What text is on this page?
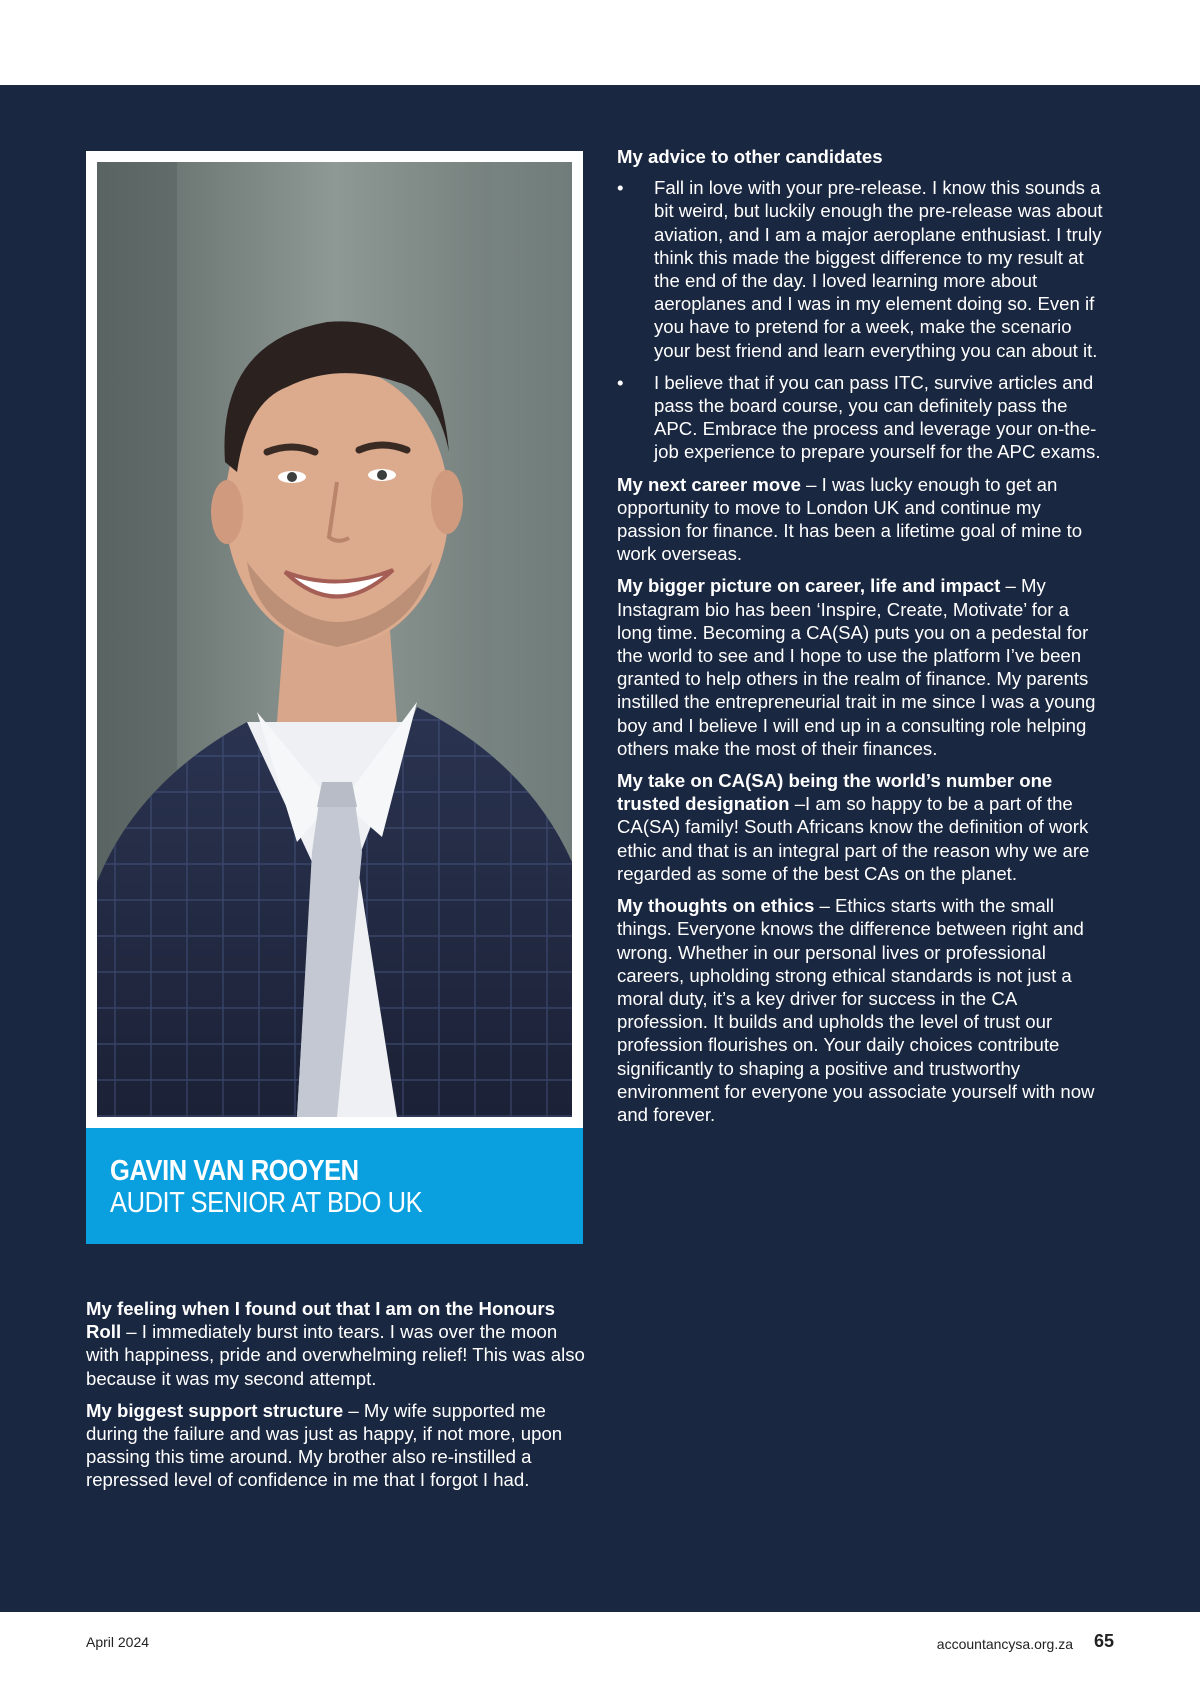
GAVIN VAN ROOYEN
AUDIT SENIOR AT BDO UK
My advice to other candidates
• Fall in love with your pre-release. I know this sounds a bit weird, but luckily enough the pre-release was about aviation, and I am a major aeroplane enthusiast. I truly think this made the biggest difference to my result at the end of the day. I loved learning more about aeroplanes and I was in my element doing so. Even if you have to pretend for a week, make the scenario your best friend and learn everything you can about it.
• I believe that if you can pass ITC, survive articles and pass the board course, you can definitely pass the APC. Embrace the process and leverage your on-the-job experience to prepare yourself for the APC exams.

My next career move – I was lucky enough to get an opportunity to move to London UK and continue my passion for finance. It has been a lifetime goal of mine to work overseas.

My bigger picture on career, life and impact – My Instagram bio has been ‘Inspire, Create, Motivate’ for a long time. Becoming a CA(SA) puts you on a pedestal for the world to see and I hope to use the platform I’ve been granted to help others in the realm of finance. My parents instilled the entrepreneurial trait in me since I was a young boy and I believe I will end up in a consulting role helping others make the most of their finances.

My take on CA(SA) being the world’s number one trusted designation –I am so happy to be a part of the CA(SA) family! South Africans know the definition of work ethic and that is an integral part of the reason why we are regarded as some of the best CAs on the planet.

My thoughts on ethics – Ethics starts with the small things. Everyone knows the difference between right and wrong. Whether in our personal lives or professional careers, upholding strong ethical standards is not just a moral duty, it’s a key driver for success in the CA profession. It builds and upholds the level of trust our profession flourishes on. Your daily choices contribute significantly to shaping a positive and trustworthy environment for everyone you associate yourself with now and forever.

My feeling when I found out that I am on the Honours Roll – I immediately burst into tears. I was over the moon with happiness, pride and overwhelming relief! This was also because it was my second attempt.

My biggest support structure – My wife supported me during the failure and was just as happy, if not more, upon passing this time around. My brother also re-instilled a repressed level of confidence in me that I forgot I had.

April 2024	accountancysa.org.za 65
